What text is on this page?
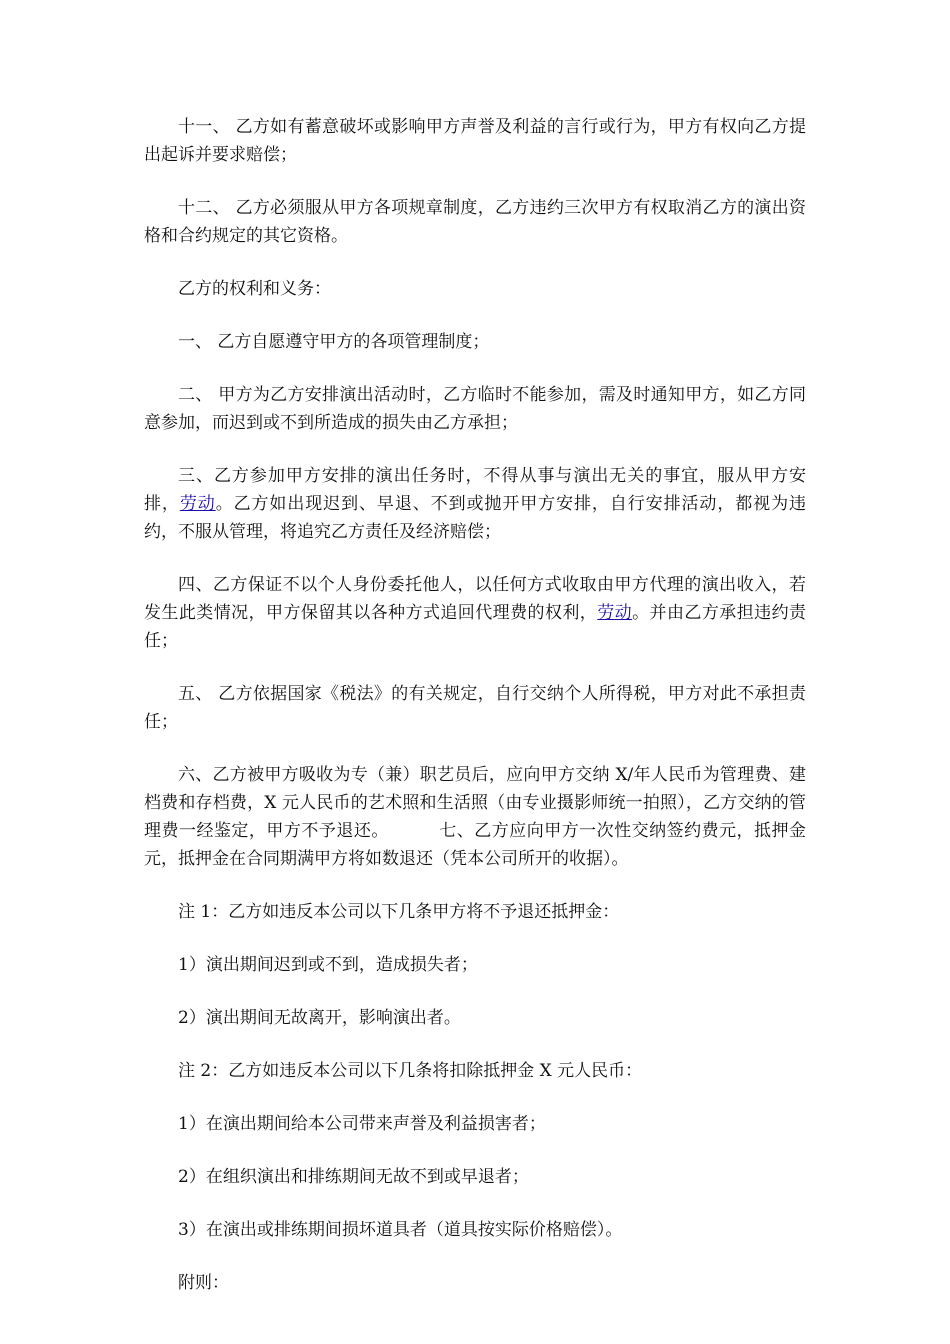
十一、 乙方如有蓄意破坏或影响甲方声誉及利益的言行或行为，甲方有权向乙方提出起诉并要求赔偿；

十二、 乙方必须服从甲方各项规章制度，乙方违约三次甲方有权取消乙方的演出资格和合约规定的其它资格。

乙方的权利和义务：

一、 乙方自愿遵守甲方的各项管理制度；

二、 甲方为乙方安排演出活动时，乙方临时不能参加，需及时通知甲方，如乙方同意参加，而迟到或不到所造成的损失由乙方承担；

三、乙方参加甲方安排的演出任务时，不得从事与演出无关的事宜，服从甲方安排，劳动。乙方如出现迟到、早退、不到或抛开甲方安排，自行安排活动，都视为违约，不服从管理，将追究乙方责任及经济赔偿；

四、乙方保证不以个人身份委托他人，以任何方式收取由甲方代理的演出收入，若发生此类情况，甲方保留其以各种方式追回代理费的权利，劳动。并由乙方承担违约责任；

五、 乙方依据国家《税法》的有关规定，自行交纳个人所得税，甲方对此不承担责任；

六、乙方被甲方吸收为专（兼）职艺员后，应向甲方交纳 X/年人民币为管理费、建档费和存档费，X 元人民币的艺术照和生活照（由专业摄影师统一拍照），乙方交纳的管理费一经鉴定，甲方不予退还。	七、乙方应向甲方一次性交纳签约费元，抵押金元，抵押金在合同期满甲方将如数退还（凭本公司所开的收据）。

注 1：乙方如违反本公司以下几条甲方将不予退还抵押金：

1）演出期间迟到或不到，造成损失者；

2）演出期间无故离开，影响演出者。

注 2：乙方如违反本公司以下几条将扣除抵押金 X 元人民币：

1）在演出期间给本公司带来声誉及利益损害者；

2）在组织演出和排练期间无故不到或早退者；

3）在演出或排练期间损坏道具者（道具按实际价格赔偿）。

附则：
